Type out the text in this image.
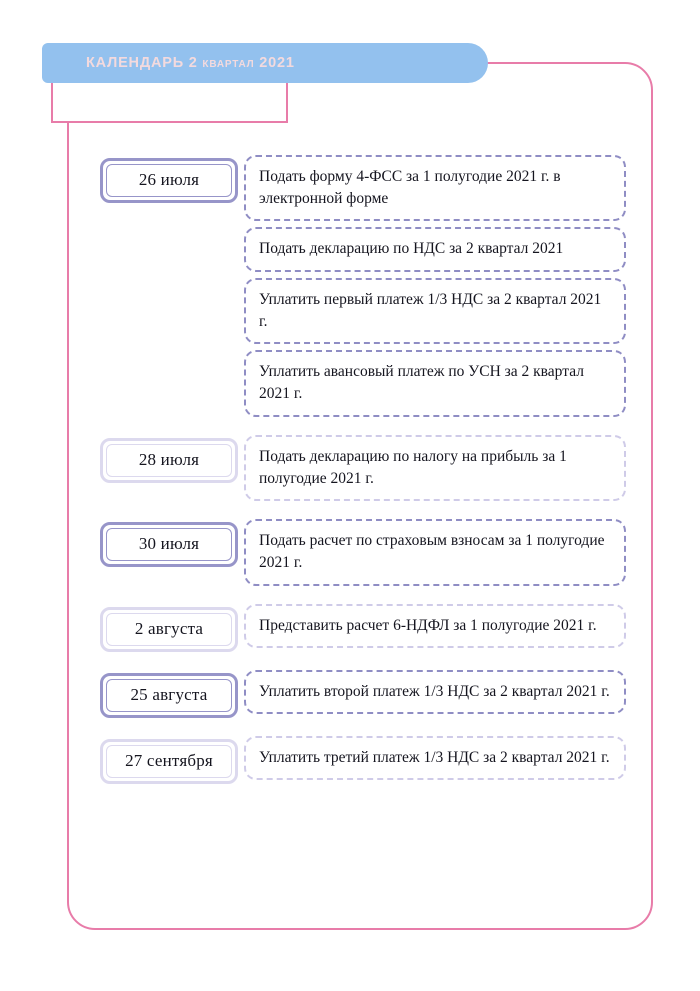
КАЛЕНДАРЬ 2 квартал 2021
26 июля	Подать форму 4-ФСС за 1 полугодие 2021 г. в электронной форме
Подать декларацию по НДС за 2 квартал 2021
Уплатить первый платеж 1/3 НДС за 2 квартал 2021 г.
Уплатить авансовый платеж по УСН за 2 квартал 2021 г.
28 июля	Подать декларацию по налогу на прибыль за 1 полугодие 2021 г.
30 июля	Подать расчет по страховым взносам за 1 полугодие 2021 г.
2 августа	Представить расчет 6-НДФЛ за 1 полугодие 2021 г.
25 августа	Уплатить второй платеж 1/3 НДС за 2 квартал 2021 г.
27 сентября	Уплатить третий платеж 1/3 НДС за 2 квартал 2021 г.
